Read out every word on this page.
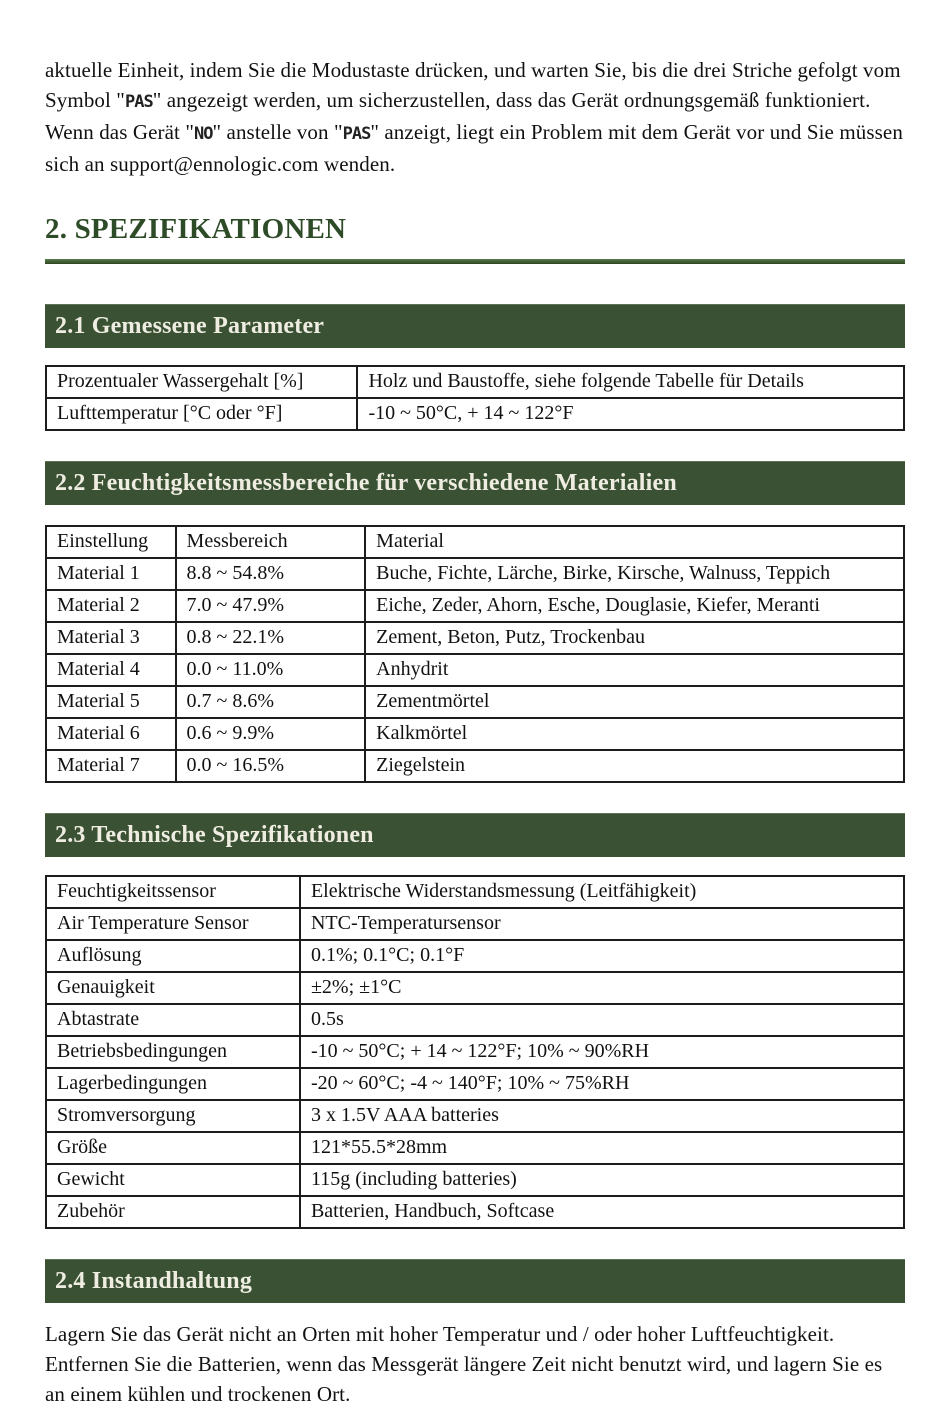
aktuelle Einheit, indem Sie die Modustaste drücken, und warten Sie, bis die drei Striche gefolgt vom Symbol "PAS" angezeigt werden, um sicherzustellen, dass das Gerät ordnungsgemäß funktioniert. Wenn das Gerät "NO" anstelle von "PAS" anzeigt, liegt ein Problem mit dem Gerät vor und Sie müssen sich an support@ennologic.com wenden.

2. SPEZIFIKATIONEN
2.1 Gemessene Parameter
Prozentualer Wassergehalt [%]	Holz und Baustoffe, siehe folgende Tabelle für Details
Lufttemperatur [°C oder °F]	-10 ~ 50°C, + 14 ~ 122°F
2.2 Feuchtigkeitsmessbereiche für verschiedene Materialien
Einstellung	Messbereich	Material
Material 1	8.8 ~ 54.8%	Buche, Fichte, Lärche, Birke, Kirsche, Walnuss, Teppich
Material 2	7.0 ~ 47.9%	Eiche, Zeder, Ahorn, Esche, Douglasie, Kiefer, Meranti
Material 3	0.8 ~ 22.1%	Zement, Beton, Putz, Trockenbau
Material 4	0.0 ~ 11.0%	Anhydrit
Material 5	0.7 ~ 8.6%	Zementmörtel
Material 6	0.6 ~ 9.9%	Kalkmörtel
Material 7	0.0 ~ 16.5%	Ziegelstein
2.3 Technische Spezifikationen
Feuchtigkeitssensor	Elektrische Widerstandsmessung (Leitfähigkeit)
Air Temperature Sensor	NTC-Temperatursensor
Auflösung	0.1%; 0.1°C; 0.1°F
Genauigkeit	±2%; ±1°C
Abtastrate	0.5s
Betriebsbedingungen	-10 ~ 50°C; + 14 ~ 122°F; 10% ~ 90%RH
Lagerbedingungen	-20 ~ 60°C; -4 ~ 140°F; 10% ~ 75%RH
Stromversorgung	3 x 1.5V AAA batteries
Größe	121*55.5*28mm
Gewicht	115g (including batteries)
Zubehör	Batterien, Handbuch, Softcase
2.4 Instandhaltung

Lagern Sie das Gerät nicht an Orten mit hoher Temperatur und / oder hoher Luftfeuchtigkeit. Entfernen Sie die Batterien, wenn das Messgerät längere Zeit nicht benutzt wird, und lagern Sie es an einem kühlen und trockenen Ort.
